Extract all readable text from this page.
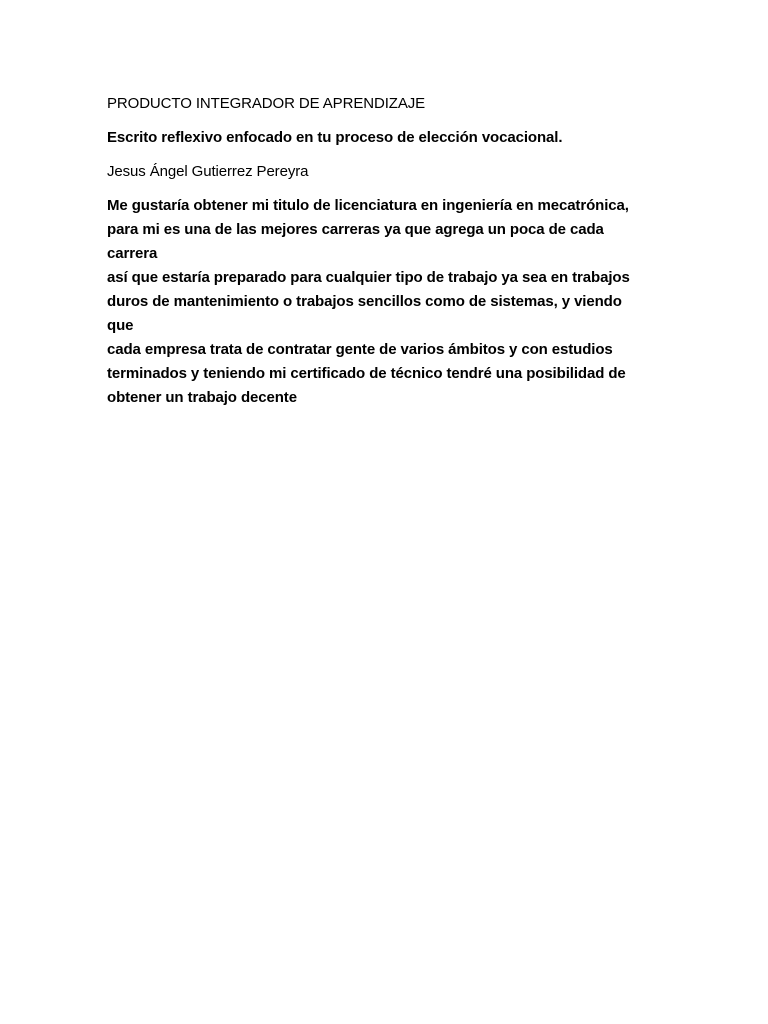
PRODUCTO INTEGRADOR DE APRENDIZAJE
Escrito reflexivo enfocado en tu proceso de elección vocacional.
Jesus Ángel Gutierrez Pereyra
Me gustaría obtener mi titulo de licenciatura en ingeniería en mecatrónica,
para mi es una de las mejores carreras ya que agrega un poca de cada carrera
así que estaría preparado para cualquier tipo de trabajo ya sea en trabajos
duros de mantenimiento o trabajos sencillos como de sistemas, y viendo que
cada empresa trata de contratar gente de varios ámbitos y con estudios
terminados y teniendo mi certificado de técnico tendré una posibilidad de
obtener un trabajo decente
